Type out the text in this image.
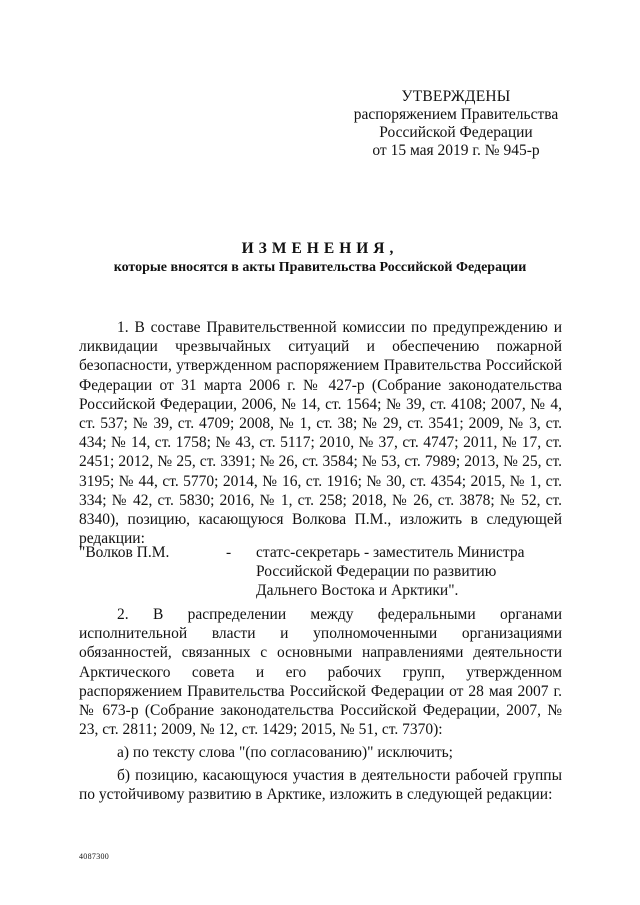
УТВЕРЖДЕНЫ
распоряжением Правительства
Российской Федерации
от 15 мая 2019 г. № 945-р
ИЗМЕНЕНИЯ,
которые вносятся в акты Правительства Российской Федерации

1. В составе Правительственной комиссии по предупреждению и ликвидации чрезвычайных ситуаций и обеспечению пожарной безопасности, утвержденном распоряжением Правительства Российской Федерации от 31 марта 2006 г. № 427-р (Собрание законодательства Российской Федерации, 2006, № 14, ст. 1564; № 39, ст. 4108; 2007, № 4, ст. 537; № 39, ст. 4709; 2008, № 1, ст. 38; № 29, ст. 3541; 2009, № 3, ст. 434; № 14, ст. 1758; № 43, ст. 5117; 2010, № 37, ст. 4747; 2011, № 17, ст. 2451; 2012, № 25, ст. 3391; № 26, ст. 3584; № 53, ст. 7989; 2013, № 25, ст. 3195; № 44, ст. 5770; 2014, № 16, ст. 1916; № 30, ст. 4354; 2015, № 1, ст. 334; № 42, ст. 5830; 2016, № 1, ст. 258; 2018, № 26, ст. 3878; № 52, ст. 8340), позицию, касающуюся Волкова П.М., изложить в следующей редакции:

"Волков П.М.	- статс-секретарь - заместитель Министра
Российской Федерации по развитию
Дальнего Востока и Арктики".

2. В распределении между федеральными органами исполнительной власти и уполномоченными организациями обязанностей, связанных с основными направлениями деятельности Арктического совета и его рабочих групп, утвержденном распоряжением Правительства Российской Федерации от 28 мая 2007 г. № 673-р (Собрание законодательства Российской Федерации, 2007, № 23, ст. 2811; 2009, № 12, ст. 1429; 2015, № 51, ст. 7370):

а) по тексту слова "(по согласованию)" исключить;

б) позицию, касающуюся участия в деятельности рабочей группы по устойчивому развитию в Арктике, изложить в следующей редакции:

4087300
